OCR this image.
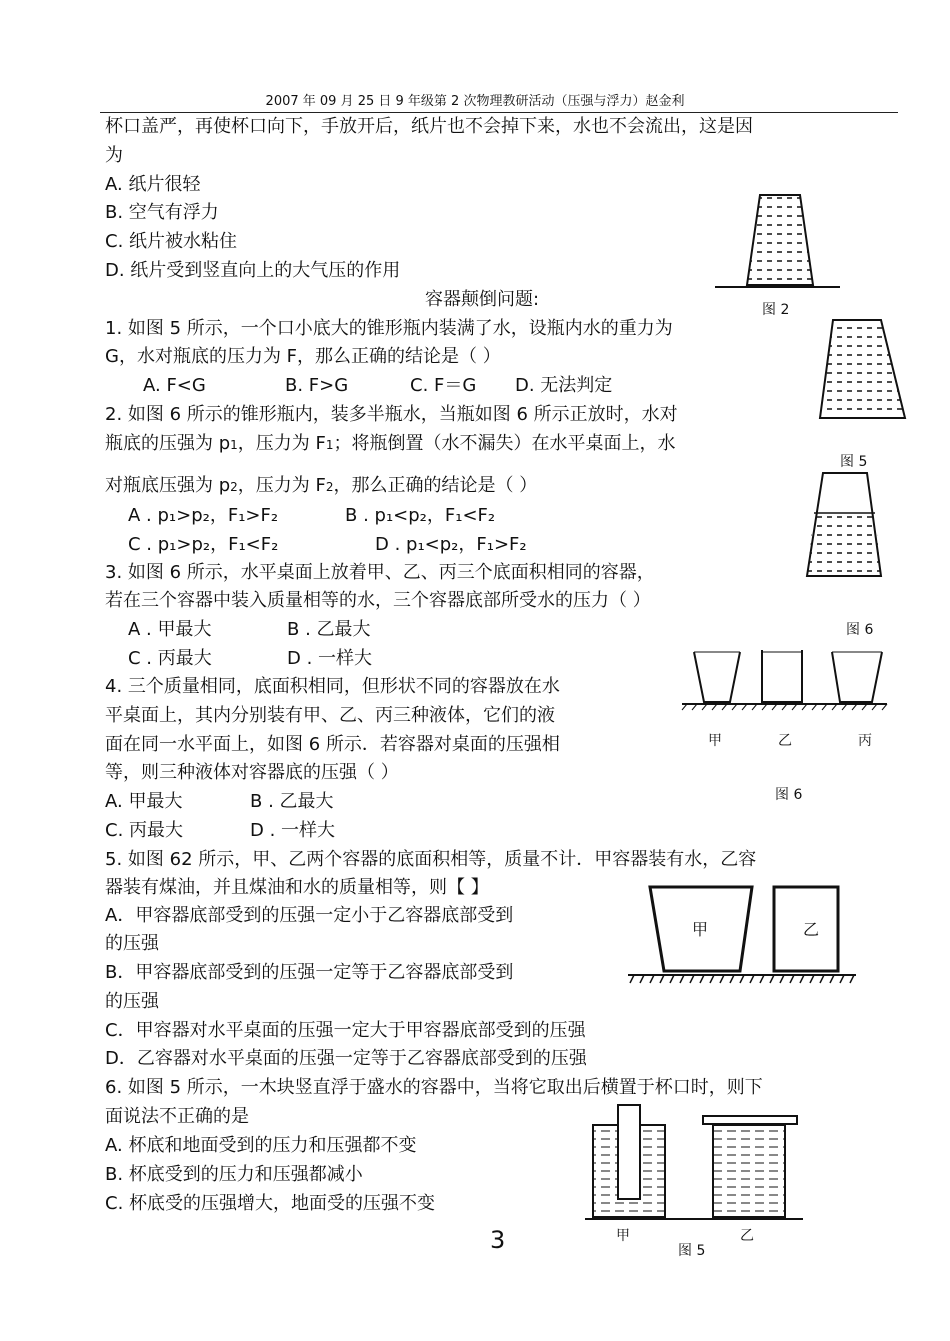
2007 年 09 月 25 日 9 年级第 2 次物理教研活动（压强与浮力）赵金利
杯口盖严，再使杯口向下，手放开后，纸片也不会掉下来，水也不会流出，这是因
为
A. 纸片很轻
B. 空气有浮力
C. 纸片被水粘住
D. 纸片受到竖直向上的大气压的作用
容器颠倒问题:
1. 如图 5 所示，一个口小底大的锥形瓶内装满了水，设瓶内水的重力为
G，水对瓶底的压力为 F，那么正确的结论是（ ）
A. F<G	B. F>G	C. F＝G D. 无法判定
2. 如图 6 所示的锥形瓶内，装多半瓶水，当瓶如图 6 所示正放时，水对
瓶底的压强为 p1，压力为 F1；将瓶倒置（水不漏失）在水平桌面上，水
对瓶底压强为 p2，压力为 F2，那么正确的结论是（ ）
A . p₁>p₂，F₁>F₂	B . p₁<p₂，F₁<F₂
C . p₁>p₂，F₁<F₂	D . p₁<p₂，F₁>F₂
3. 如图 6 所示，水平桌面上放着甲、乙、丙三个底面积相同的容器，
若在三个容器中装入质量相等的水，三个容器底部所受水的压力（ ）
A . 甲最大	B . 乙最大
C . 丙最大	D . 一样大
4. 三个质量相同，底面积相同，但形状不同的容器放在水
平桌面上，其内分别装有甲、乙、丙三种液体，它们的液
面在同一水平面上，如图 6 所示．若容器对桌面的压强相
等，则三种液体对容器底的压强（ ）
A. 甲最大	B . 乙最大
C. 丙最大	D . 一样大
5. 如图 62 所示，甲、乙两个容器的底面积相等，质量不计．甲容器装有水，乙容
器装有煤油，并且煤油和水的质量相等，则【 】
A．甲容器底部受到的压强一定小于乙容器底部受到
的压强
B．甲容器底部受到的压强一定等于乙容器底部受到
的压强
C．甲容器对水平桌面的压强一定大于甲容器底部受到的压强
D．乙容器对水平桌面的压强一定等于乙容器底部受到的压强
6. 如图 5 所示，一木块竖直浮于盛水的容器中，当将它取出后横置于杯口时，则下
面说法不正确的是
A. 杯底和地面受到的压力和压强都不变
B. 杯底受到的压力和压强都减小
C. 杯底受的压强增大，地面受的压强不变
3
图 2
图 5
图 6
甲	乙	丙
图 6
甲	乙
甲	乙
图 5
